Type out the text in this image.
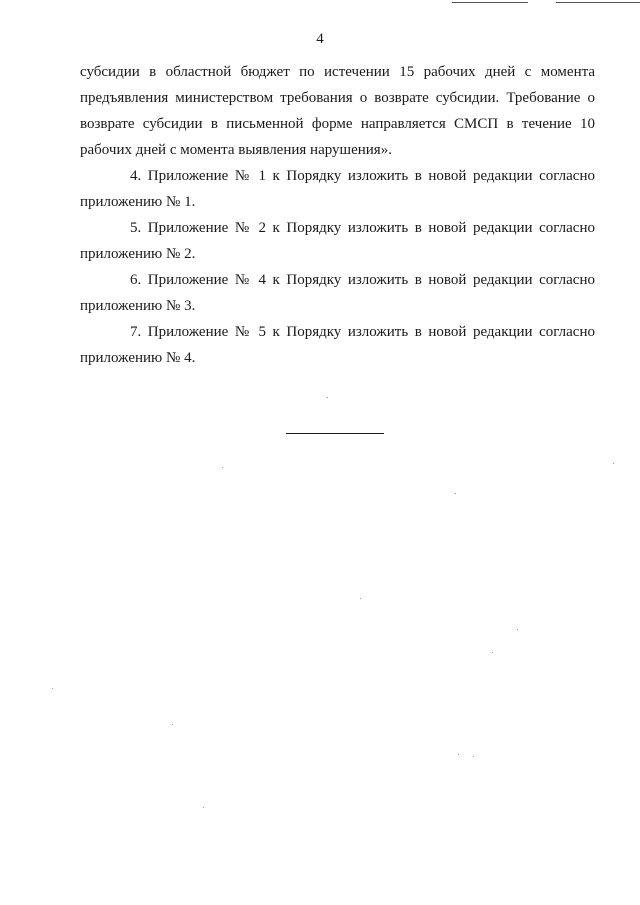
4

субсидии в областной бюджет по истечении 15 рабочих дней с момента предъявления министерством требования о возврате субсидии. Требование о возврате субсидии в письменной форме направляется СМСП в течение 10 рабочих дней с момента выявления нарушения».

4. Приложение № 1 к Порядку изложить в новой редакции согласно приложению № 1.

5. Приложение № 2 к Порядку изложить в новой редакции согласно приложению № 2.

6. Приложение № 4 к Порядку изложить в новой редакции согласно приложению № 3.

7. Приложение № 5 к Порядку изложить в новой редакции согласно приложению № 4.
